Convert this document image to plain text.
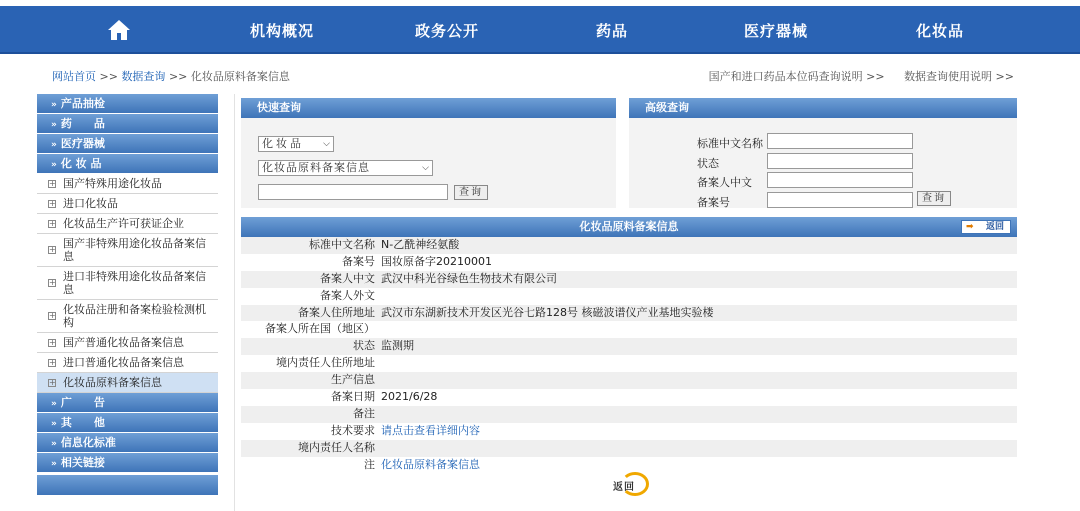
机构概况	政务公开	药品	医疗器械	化妆品
网站首页 >> 数据查询 >> 化妆品原料备案信息	国产和进口药品本位码查询说明 >> 数据查询使用说明 >>
» 产品抽检
» 药　　品
» 医疗器械
» 化 妆 品
+ 国产特殊用途化妆品
+ 进口化妆品
+ 化妆品生产许可获证企业
+ 国产非特殊用途化妆品备案信息
+ 进口非特殊用途化妆品备案信息
+ 化妆品注册和备案检验检测机构
+ 国产普通化妆品备案信息
+ 进口普通化妆品备案信息
+ 化妆品原料备案信息
» 广　　告
» 其　　他
» 信息化标准
» 相关链接
快速查询
化妆品 ⌵
化妆品原料备案信息	⌵
查询
高级查询
标准中文名称
状态
备案人中文
备案号	查询
化妆品原料备案信息	➡ 返回
标准中文名称 N-乙酰神经氨酸
备案号 国妆原备字20210001
备案人中文 武汉中科光谷绿色生物技术有限公司
备案人外文
备案人住所地址 武汉市东湖新技术开发区光谷七路128号 核磁波谱仪产业基地实验楼
备案人所在国（地区）
状态 监测期
境内责任人住所地址
生产信息
备案日期 2021/6/28
备注
技术要求 请点击查看详细内容
境内责任人名称
注 化妆品原料备案信息
返回
